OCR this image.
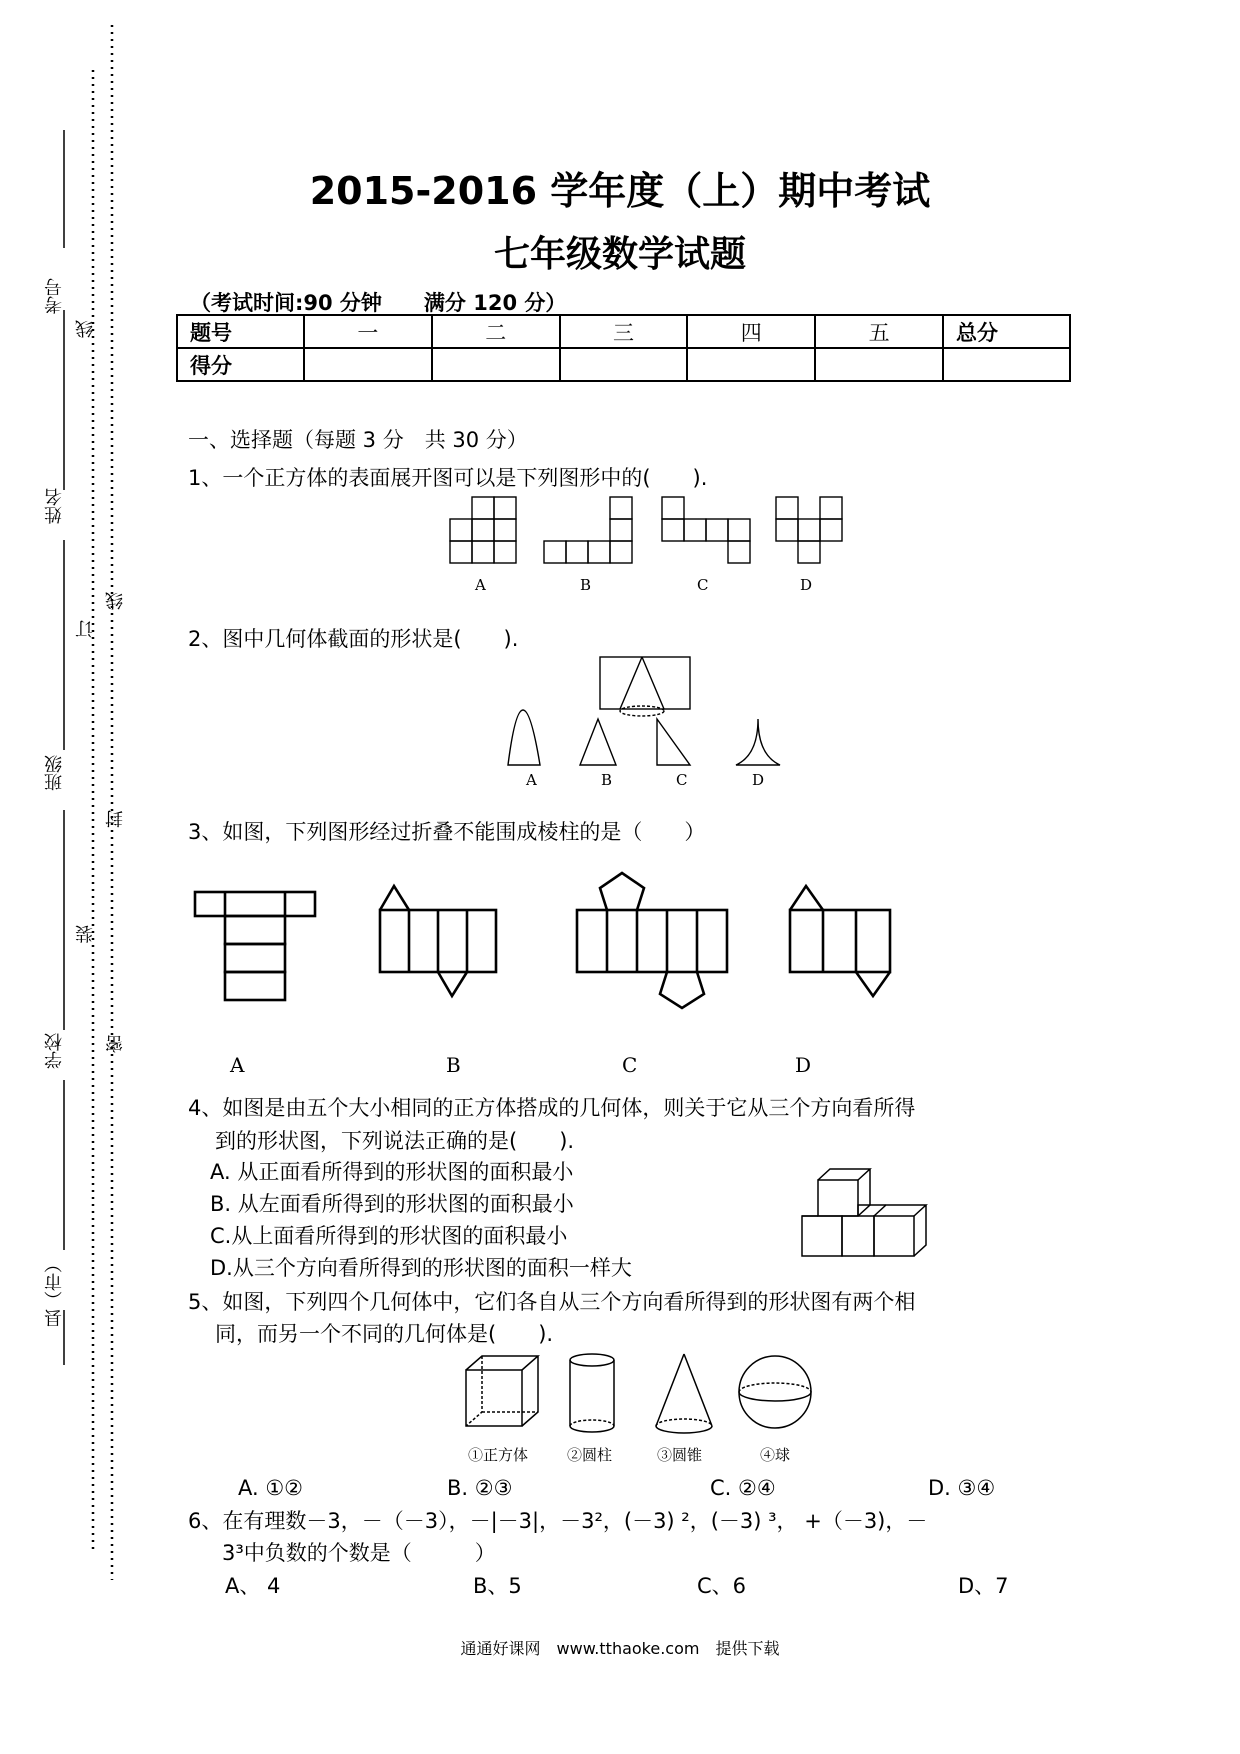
考号
姓名
班级
学校
县（市）
线
订
线
封
装
密
2015-2016 学年度（上）期中考试
七年级数学试题
（考试时间:90 分钟　　满分 120 分）
题号	一	二	三	四	五	总分
得分						
一、选择题（每题 3 分　共 30 分）
1、一个正方体的表面展开图可以是下列图形中的(　　).
A	B	C	D
2、图中几何体截面的形状是(　　).
A	B	C	D
3、如图，下列图形经过折叠不能围成棱柱的是（　　）
A	B	C	D
4、如图是由五个大小相同的正方体搭成的几何体，则关于它从三个方向看所得
到的形状图，下列说法正确的是(　　).
A. 从正面看所得到的形状图的面积最小
B. 从左面看所得到的形状图的面积最小
C.从上面看所得到的形状图的面积最小
D.从三个方向看所得到的形状图的面积一样大
5、如图，下列四个几何体中，它们各自从三个方向看所得到的形状图有两个相
同，而另一个不同的几何体是(　　).
①正方体	②圆柱	③圆锥	④球
A. ①②	B. ②③	C. ②④	D. ③④
6、在有理数－3，－（－3），－|－3|，－3²，(－3) ²，(－3) ³， +（－3)，－
3³中负数的个数是（　　　）
A、 4	B、5	C、6	D、7
通通好课网　www.tthaoke.com　提供下载
